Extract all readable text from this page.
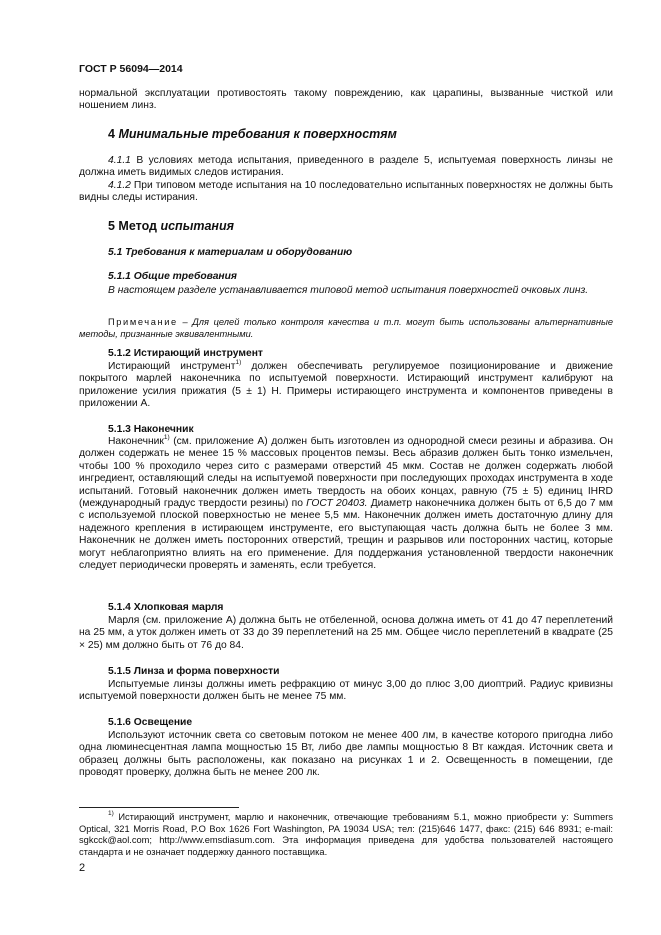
ГОСТ Р 56094—2014
нормальной эксплуатации противостоять такому повреждению, как царапины, вызванные чисткой или ношением линз.
4 Минимальные требования к поверхностям
4.1.1 В условиях метода испытания, приведенного в разделе 5, испытуемая поверхность линзы не должна иметь видимых следов истирания.
4.1.2 При типовом методе испытания на 10 последовательно испытанных поверхностях не должны быть видны следы истирания.
5 Метод испытания
5.1 Требования к материалам и оборудованию
5.1.1 Общие требования
В настоящем разделе устанавливается типовой метод испытания поверхностей очковых линз.
Примечание – Для целей только контроля качества и т.п. могут быть использованы альтернативные методы, признанные эквивалентными.
5.1.2 Истирающий инструмент
Истирающий инструмент$^{1)}$ должен обеспечивать регулируемое позиционирование и движение покрытого марлей наконечника по испытуемой поверхности. Истирающий инструмент калибруют на приложение усилия прижатия (5 ± 1) Н. Примеры истирающего инструмента и компонентов приведены в приложении А.
5.1.3 Наконечник
Наконечник$^{1)}$ (см. приложение А) должен быть изготовлен из однородной смеси резины и абразива. Он должен содержать не менее 15 % массовых процентов пемзы. Весь абразив должен быть тонко измельчен, чтобы 100 % проходило через сито с размерами отверстий 45 мкм. Состав не должен содержать любой ингредиент, оставляющий следы на испытуемой поверхности при последующих проходах инструмента в ходе испытаний. Готовый наконечник должен иметь твердость на обоих концах, равную (75 ± 5) единиц IHRD (международный градус твердости резины) по ГОСТ 20403. Диаметр наконечника должен быть от 6,5 до 7 мм с используемой плоской поверхностью не менее 5,5 мм. Наконечник должен иметь достаточную длину для надежного крепления в истирающем инструменте, его выступающая часть должна быть не более 3 мм. Наконечник не должен иметь посторонних отверстий, трещин и разрывов или посторонних частиц, которые могут неблагоприятно влиять на его применение. Для поддержания установленной твердости наконечник следует периодически проверять и заменять, если требуется.
5.1.4 Хлопковая марля
Марля (см. приложение А) должна быть не отбеленной, основа должна иметь от 41 до 47 переплетений на 25 мм, а уток должен иметь от 33 до 39 переплетений на 25 мм. Общее число переплетений в квадрате (25 × 25) мм должно быть от 76 до 84.
5.1.5 Линза и форма поверхности
Испытуемые линзы должны иметь рефракцию от минус 3,00 до плюс 3,00 диоптрий. Радиус кривизны испытуемой поверхности должен быть не менее 75 мм.
5.1.6 Освещение
Используют источник света со световым потоком не менее 400 лм, в качестве которого пригодна либо одна люминесцентная лампа мощностью 15 Вт, либо две лампы мощностью 8 Вт каждая. Источник света и образец должны быть расположены, как показано на рисунках 1 и 2. Освещенность в помещении, где проводят проверку, должна быть не менее 200 лк.
$^{1)}$ Истирающий инструмент, марлю и наконечник, отвечающие требованиям 5.1, можно приобрести у: Summers Optical, 321 Morris Road, P.O Box 1626 Fort Washington, PA 19034 USA; тел: (215)646 1477, факс: (215) 646 8931; e-mail: sgkcck@aol.com; http://www.emsdiasum.com. Эта информация приведена для удобства пользователей настоящего стандарта и не означает поддержку данного поставщика.
2
